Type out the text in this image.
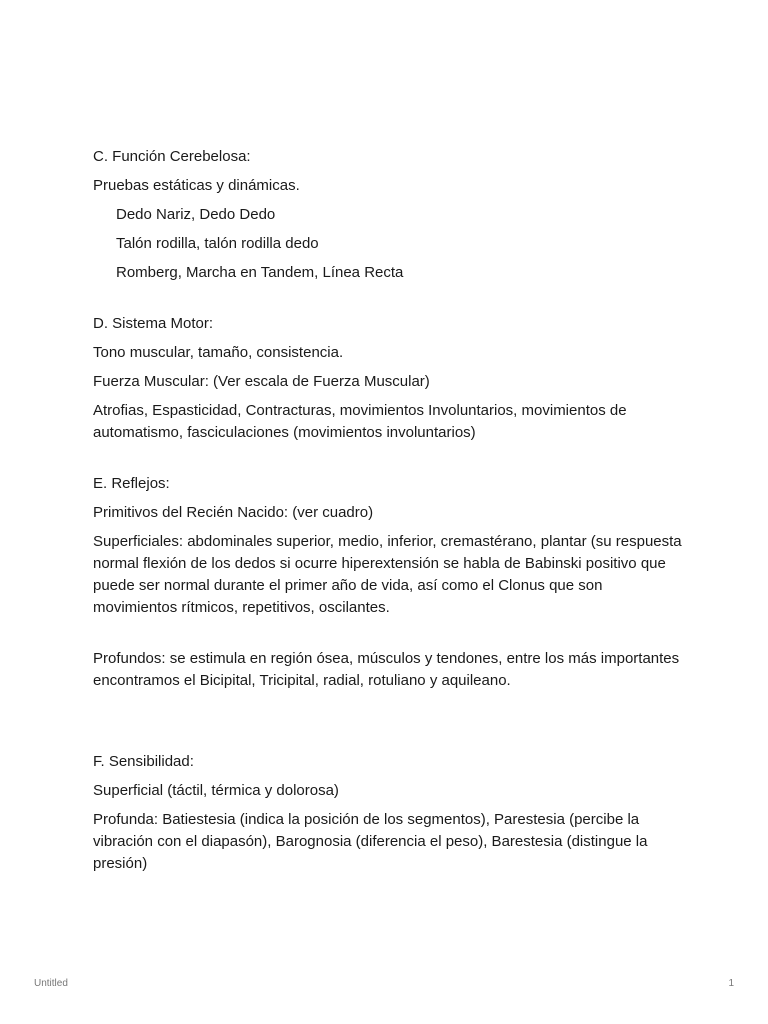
C. Función Cerebelosa:

Pruebas estáticas y dinámicas.

Dedo Nariz, Dedo Dedo

Talón rodilla, talón rodilla dedo

Romberg, Marcha en Tandem, Línea Recta

D. Sistema Motor:

Tono muscular, tamaño, consistencia.

Fuerza Muscular: (Ver escala de Fuerza Muscular)

Atrofias, Espasticidad, Contracturas, movimientos Involuntarios, movimientos de automatismo, fasciculaciones (movimientos involuntarios)

E. Reflejos:

Primitivos del Recién Nacido: (ver cuadro)

Superficiales: abdominales superior, medio, inferior, cremastérano, plantar (su respuesta normal flexión de los dedos si ocurre hiperextensión se habla de Babinski positivo que puede ser normal durante el primer año de vida, así como el Clonus que son movimientos rítmicos, repetitivos, oscilantes.

Profundos: se estimula en región ósea, músculos y tendones, entre los más importantes encontramos el Bicipital, Tricipital, radial, rotuliano y aquileano.

F. Sensibilidad:

Superficial (táctil, térmica y dolorosa)

Profunda: Batiestesia (indica la posición de los segmentos), Parestesia (percibe la vibración con el diapasón), Barognosia (diferencia el peso), Barestesia (distingue la presión)

Untitled	1
